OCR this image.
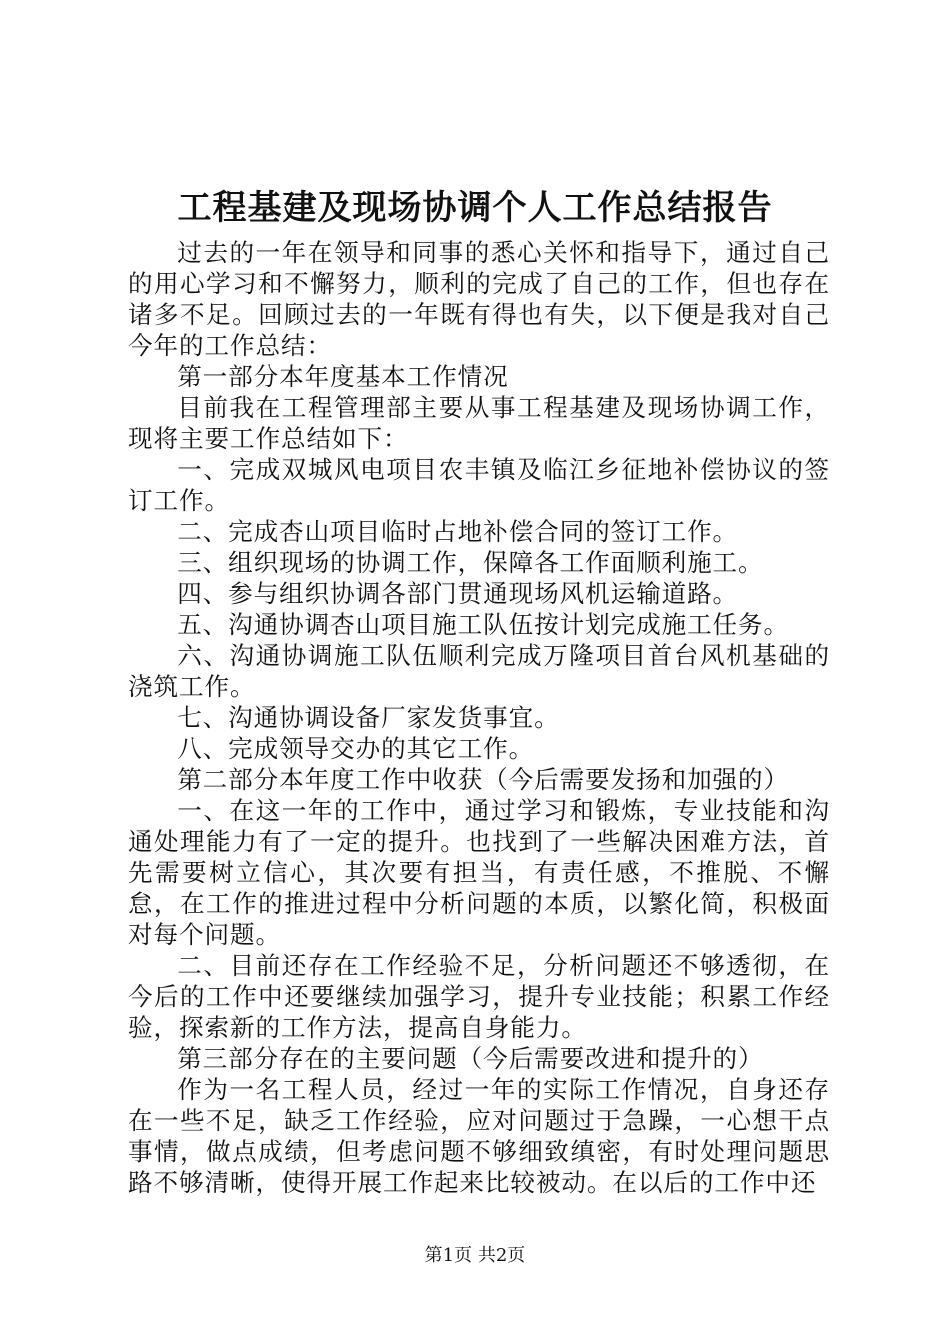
工程基建及现场协调个人工作总结报告

过去的一年在领导和同事的悉心关怀和指导下，通过自己的用心学习和不懈努力，顺利的完成了自己的工作，但也存在诸多不足。回顾过去的一年既有得也有失，以下便是我对自己今年的工作总结：

第一部分本年度基本工作情况

目前我在工程管理部主要从事工程基建及现场协调工作，现将主要工作总结如下：

一、完成双城风电项目农丰镇及临江乡征地补偿协议的签订工作。

二、完成杏山项目临时占地补偿合同的签订工作。

三、组织现场的协调工作，保障各工作面顺利施工。

四、参与组织协调各部门贯通现场风机运输道路。

五、沟通协调杏山项目施工队伍按计划完成施工任务。

六、沟通协调施工队伍顺利完成万隆项目首台风机基础的浇筑工作。

七、沟通协调设备厂家发货事宜。

八、完成领导交办的其它工作。

第二部分本年度工作中收获（今后需要发扬和加强的）

一、在这一年的工作中，通过学习和锻炼，专业技能和沟通处理能力有了一定的提升。也找到了一些解决困难方法，首先需要树立信心，其次要有担当，有责任感，不推脱、不懈怠，在工作的推进过程中分析问题的本质，以繁化简，积极面对每个问题。

二、目前还存在工作经验不足，分析问题还不够透彻，在今后的工作中还要继续加强学习，提升专业技能；积累工作经验，探索新的工作方法，提高自身能力。

第三部分存在的主要问题（今后需要改进和提升的）

作为一名工程人员，经过一年的实际工作情况，自身还存在一些不足，缺乏工作经验，应对问题过于急躁，一心想干点事情，做点成绩，但考虑问题不够细致缜密，有时处理问题思路不够清晰，使得开展工作起来比较被动。在以后的工作中还

第1页 共2页
